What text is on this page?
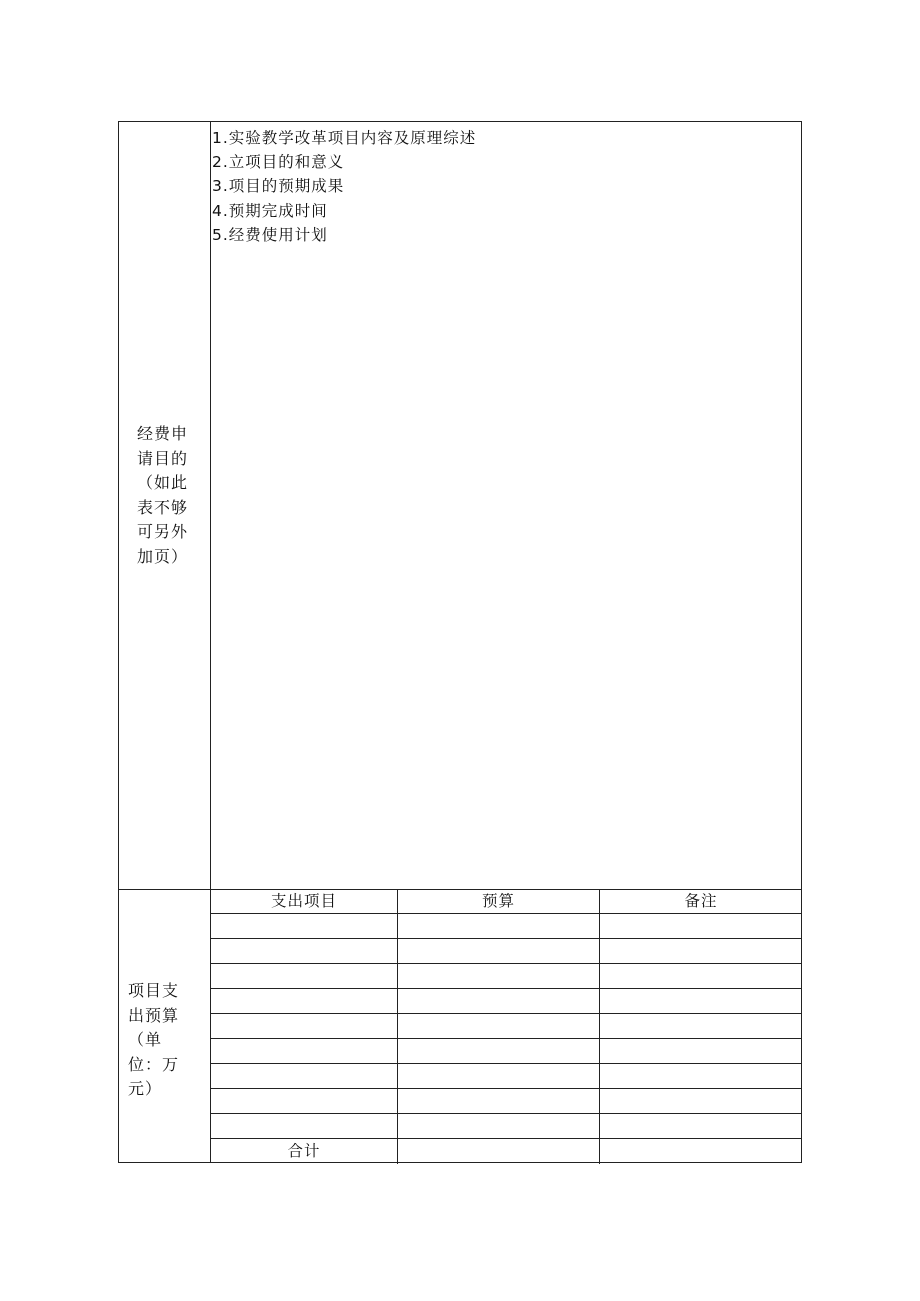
经费申请目的（如此表不够可另外加页）
1.实验教学改革项目内容及原理综述
2.立项目的和意义
3.项目的预期成果
4.预期完成时间
5.经费使用计划
项目支出预算（单位：万元）
支出项目	预算	备注
合计
